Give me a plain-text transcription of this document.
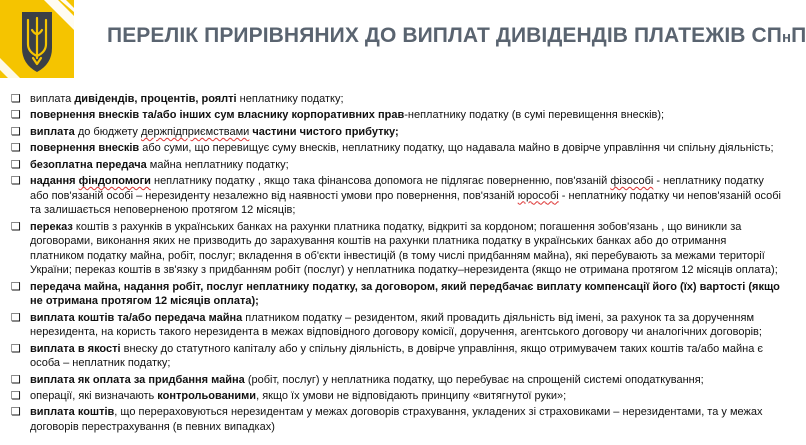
ПЕРЕЛІК ПРИРІВНЯНИХ ДО ВИПЛАТ ДИВІДЕНДІВ ПЛАТЕЖІВ СПнП
❑ виплата дивідендів, процентів, роялті неплатнику податку;

❑ повернення внесків та/або інших сум власнику корпоративних прав-неплатнику податку (в сумі перевищення внесків);

❑ виплата до бюджету держпідприємствами частини чистого прибутку;

❑ повернення внесків або суми, що перевищує суму внесків, неплатнику податку, що надавала майно в довірче управління чи спільну діяльність;

❑ безоплатна передача майна неплатнику податку;

❑ надання фіндопомоги неплатнику податку , якщо така фінансова допомога не підлягає поверненню, пов'язаній фізособі - неплатнику податку або пов'язаній особі – нерезиденту незалежно від наявності умови про повернення, пов'язаній юрособі - неплатнику податку чи непов'язаній особі та залишається неповерненою протягом 12 місяців;

❑ переказ коштів з рахунків в українських банках на рахунки платника податку, відкриті за кордоном; погашення зобов'язань , що виникли за договорами, виконання яких не призводить до зарахування коштів на рахунки платника податку в українських банках або до отримання платником податку майна, робіт, послуг; вкладення в об'єкти інвестицій (в тому числі придбанням майна), які перебувають за межами території України; переказ коштів в зв'язку з придбанням робіт (послуг) у неплатника податку–нерезидента (якщо не отримана протягом 12 місяців оплата);

❑ передача майна, надання робіт, послуг неплатнику податку, за договором, який передбачає виплату компенсації його (їх) вартості (якщо не отримана протягом 12 місяців оплата);

❑ виплата коштів та/або передача майна платником податку – резидентом, який провадить діяльність від імені, за рахунок та за дорученням нерезидента, на користь такого нерезидента в межах відповідного договору комісії, доручення, агентського договору чи аналогічних договорів;

❑ виплата в якості внеску до статутного капіталу або у спільну діяльність, в довірче управління, якщо отримувачем таких коштів та/або майна є особа – неплатник податку;

❑ виплата як оплата за придбання майна (робіт, послуг) у неплатника податку, що перебуває на спрощеній системі оподаткування;

❑ операції, які визначають контрольованими, якщо їх умови не відповідають принципу «витягнутої руки»;

❑ виплата коштів, що перераховуються нерезидентам у межах договорів страхування, укладених зі страховиками – нерезидентами, та у межах договорів перестрахування (в певних випадках)
